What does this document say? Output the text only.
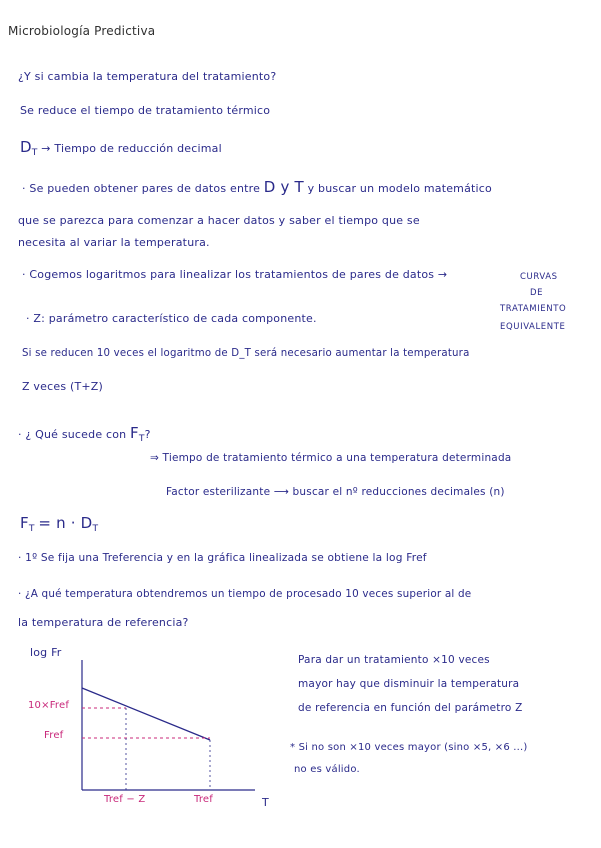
Microbiología Predictiva
¿Y si cambia la temperatura del tratamiento?
Se reduce el tiempo de tratamiento térmico
$D_T$ → Tiempo de reducción decimal
· Se pueden obtener pares de datos entre D y T y buscar un modelo matemático
que se parezca para comenzar a hacer datos y saber el tiempo que se
necesita al variar la temperatura.
· Cogemos logaritmos para linealizar los tratamientos de pares de datos →	CURVAS
DE
TRATAMIENTO
EQUIVALENTE
· Z: parámetro característico de cada componente.
Si se reducen 10 veces el logaritmo de D_T será necesario aumentar la temperatura
Z veces (T+Z)
· ¿ Qué sucede con $F_T$?
⇒ Tiempo de tratamiento térmico a una temperatura determinada
Factor esterilizante ⟶ buscar el nº reducciones decimales (n)
$F_T = n \cdot D_T$
· 1º Se fija una Treferencia y en la gráfica linealizada se obtiene la log Fref
· ¿A qué temperatura obtendremos un tiempo de procesado 10 veces superior al de
la temperatura de referencia?
log Fr
T
10×Fref
Fref
Tref − Z	Tref
Para dar un tratamiento ×10 veces
mayor hay que disminuir la temperatura
de referencia en función del parámetro Z
* Si no son ×10 veces mayor (sino ×5, ×6 ...)
no es válido.
